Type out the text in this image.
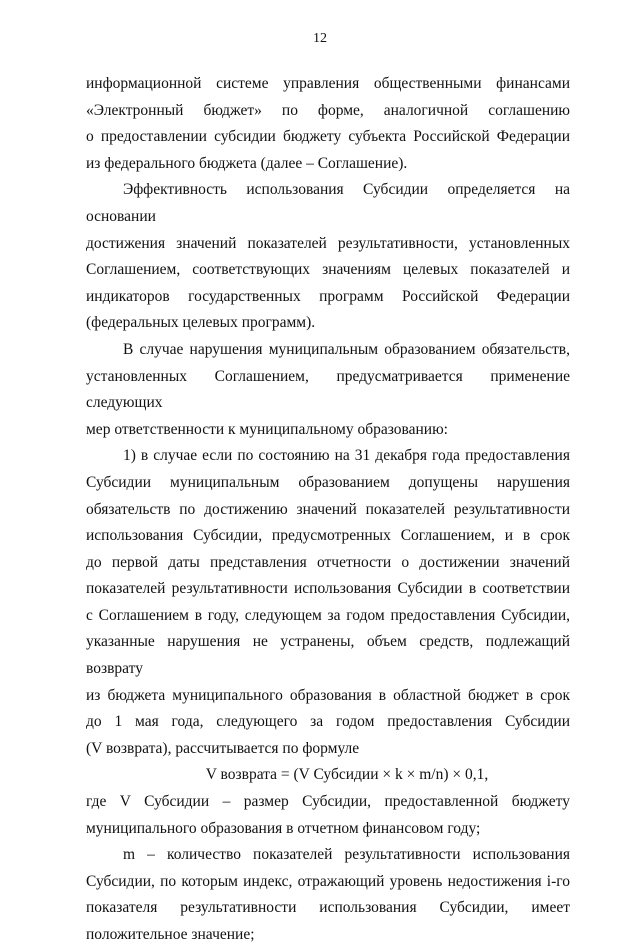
12

информационной системе управления общественными финансами

«Электронный бюджет» по форме, аналогичной соглашению

о предоставлении субсидии бюджету субъекта Российской Федерации

из федерального бюджета (далее – Соглашение).

Эффективность использования Субсидии определяется на основании

достижения значений показателей результативности, установленных

Соглашением, соответствующих значениям целевых показателей и

индикаторов государственных программ Российской Федерации

(федеральных целевых программ).

В случае нарушения муниципальным образованием обязательств,

установленных Соглашением, предусматривается применение следующих

мер ответственности к муниципальному образованию:

1) в случае если по состоянию на 31 декабря года предоставления

Субсидии муниципальным образованием допущены нарушения

обязательств по достижению значений показателей результативности

использования Субсидии, предусмотренных Соглашением, и в срок

до первой даты представления отчетности о достижении значений

показателей результативности использования Субсидии в соответствии

с Соглашением в году, следующем за годом предоставления Субсидии,

указанные нарушения не устранены, объем средств, подлежащий возврату

из бюджета муниципального образования в областной бюджет в срок

до 1 мая года, следующего за годом предоставления Субсидии

(V возврата), рассчитывается по формуле

V возврата = (V Субсидии × k × m/n) × 0,1,

где V Субсидии – размер Субсидии, предоставленной бюджету

муниципального образования в отчетном финансовом году;

m – количество показателей результативности использования

Субсидии, по которым индекс, отражающий уровень недостижения i-го

показателя результативности использования Субсидии, имеет

положительное значение;
